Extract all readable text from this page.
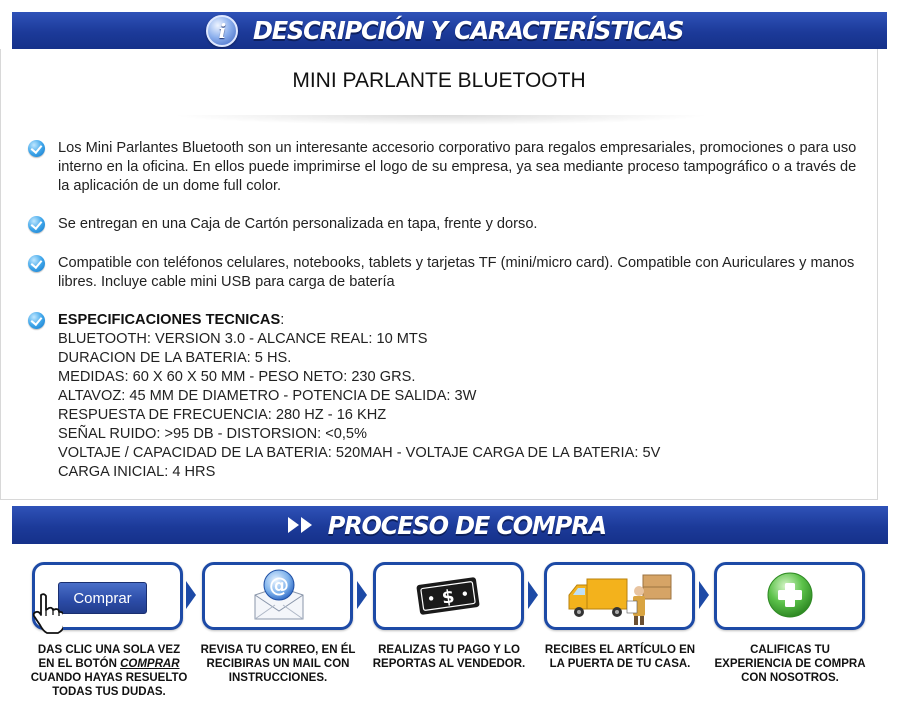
i DESCRIPCIÓN Y CARACTERÍSTICAS
MINI PARLANTE BLUETOOTH
Los Mini Parlantes Bluetooth son un interesante accesorio corporativo para regalos empresariales, promociones o para uso interno en la oficina. En ellos puede imprimirse el logo de su empresa, ya sea mediante proceso tampográfico o a través de la aplicación de un dome full color.
Se entregan en una Caja de Cartón personalizada en tapa, frente y dorso.
Compatible con teléfonos celulares, notebooks, tablets y tarjetas TF (mini/micro card). Compatible con Auriculares y manos libres. Incluye cable mini USB para carga de batería
ESPECIFICACIONES TECNICAS:
BLUETOOTH: VERSION 3.0 - ALCANCE REAL: 10 MTS
DURACION DE LA BATERIA: 5 HS.
MEDIDAS: 60 X 60 X 50 MM - PESO NETO: 230 GRS.
ALTAVOZ: 45 MM DE DIAMETRO - POTENCIA DE SALIDA: 3W
RESPUESTA DE FRECUENCIA: 280 HZ - 16 KHZ
SEÑAL RUIDO: >95 DB - DISTORSION: <0,5%
VOLTAJE / CAPACIDAD DE LA BATERIA: 520MAH - VOLTAJE CARGA DE LA BATERIA: 5V
CARGA INICIAL: 4 HRS
PROCESO DE COMPRA
Comprar
@
$
DAS CLIC UNA SOLA VEZ EN EL BOTÓN COMPRAR CUANDO HAYAS RESUELTO TODAS TUS DUDAS.
REVISA TU CORREO, EN ÉL RECIBIRAS UN MAIL CON INSTRUCCIONES.
REALIZAS TU PAGO Y LO REPORTAS AL VENDEDOR.
RECIBES EL ARTÍCULO EN LA PUERTA DE TU CASA.
CALIFICAS TU EXPERIENCIA DE COMPRA CON NOSOTROS.
